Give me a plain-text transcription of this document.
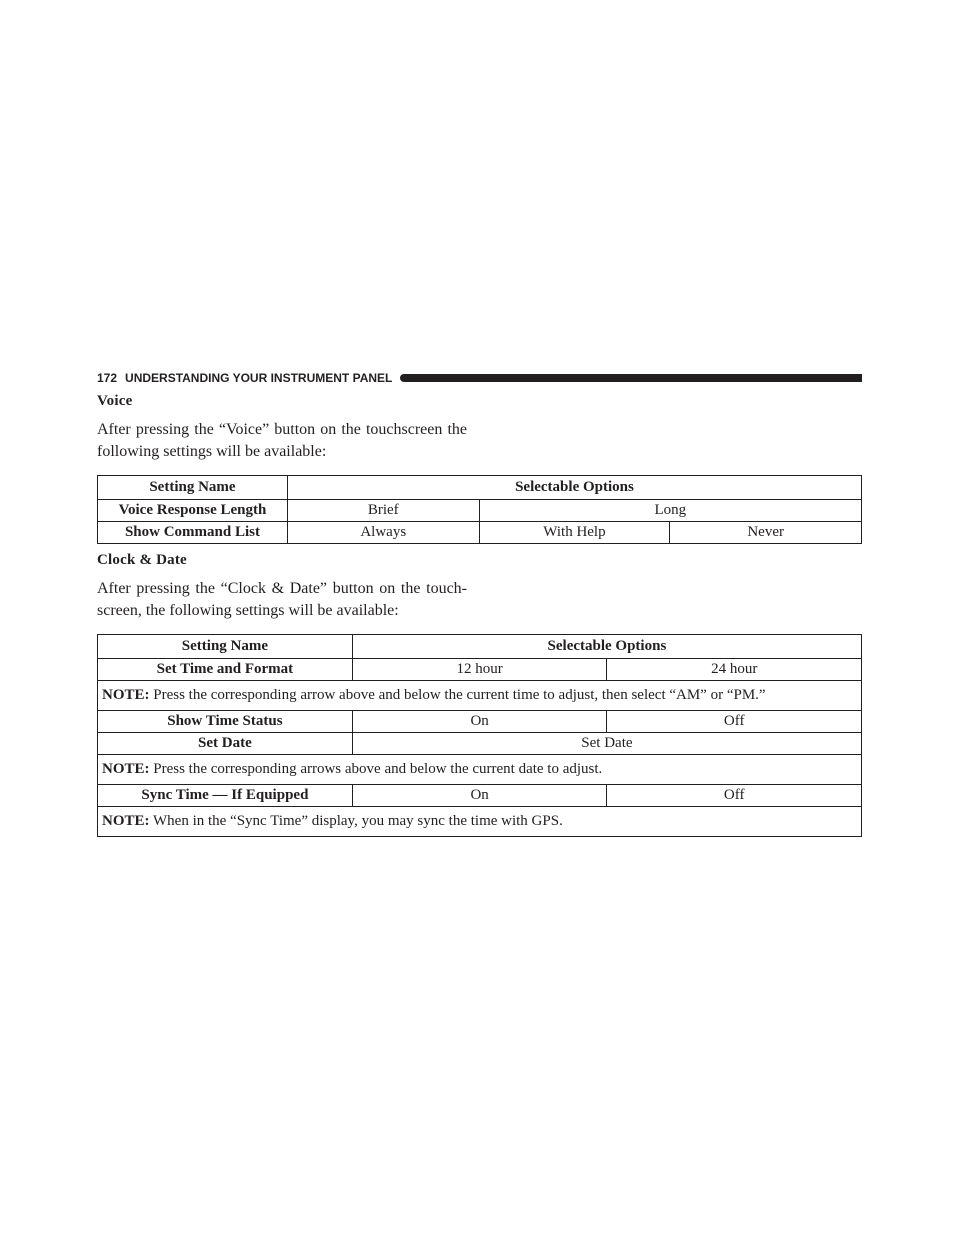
172 UNDERSTANDING YOUR INSTRUMENT PANEL
Voice

After pressing the “Voice” button on the touchscreen the following settings will be available:

Setting Name	Selectable Options		
Voice Response Length	Brief	Long	
Show Command List	Always	With Help	Never
Clock & Date

After pressing the “Clock & Date” button on the touch-screen, the following settings will be available:

Setting Name	Selectable Options	
Set Time and Format	12 hour	24 hour
NOTE: Press the corresponding arrow above and below the current time to adjust, then select “AM” or “PM.”		
Show Time Status	On	Off
Set Date	Set Date	
NOTE: Press the corresponding arrows above and below the current date to adjust.		
Sync Time — If Equipped	On	Off
NOTE: When in the “Sync Time” display, you may sync the time with GPS.		
